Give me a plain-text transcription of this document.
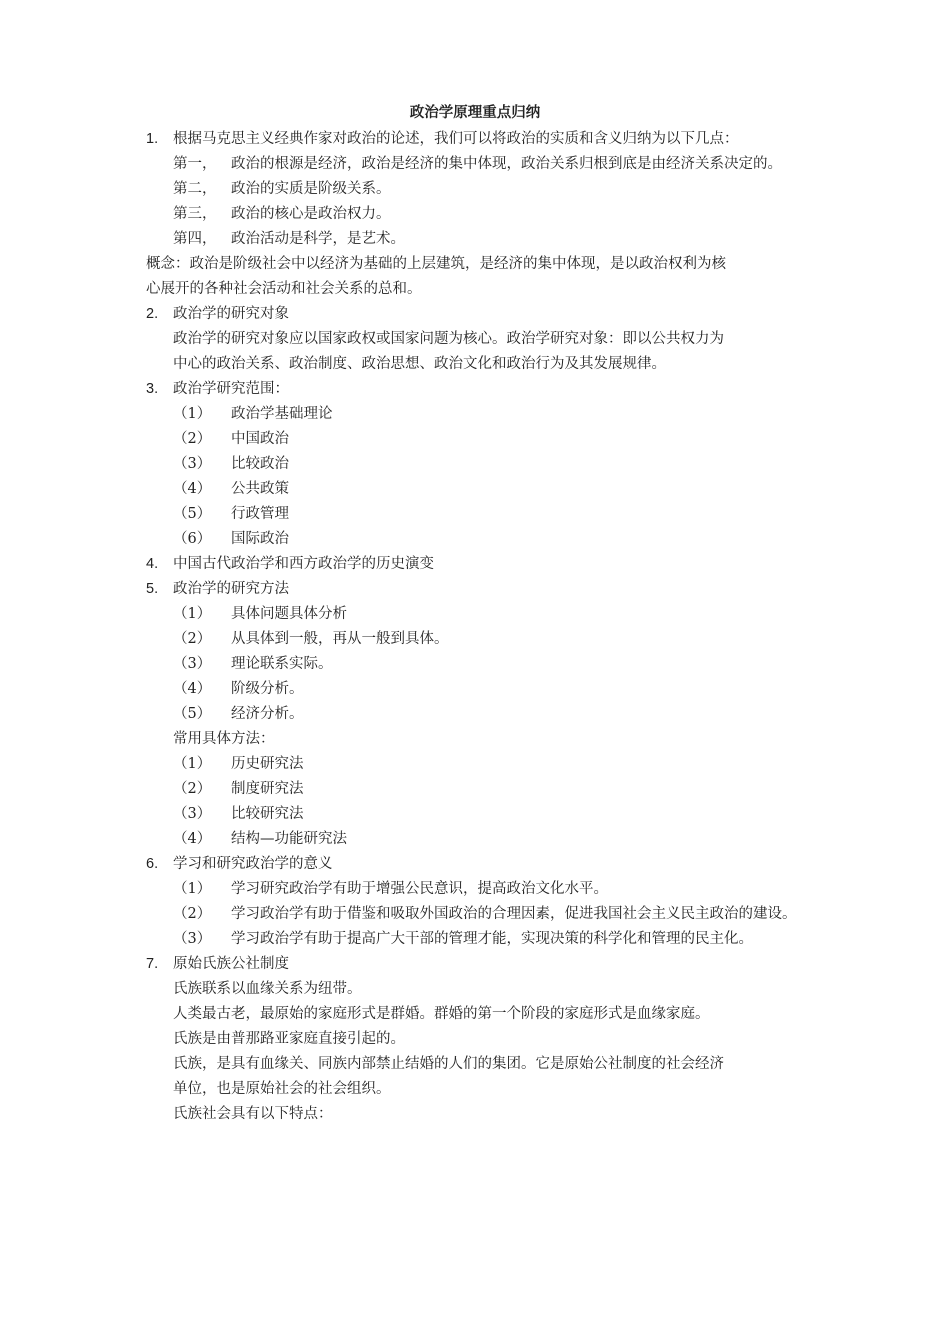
政治学原理重点归纳
1.	根据马克思主义经典作家对政治的论述，我们可以将政治的实质和含义归纳为以下几点：
第一，	政治的根源是经济，政治是经济的集中体现，政治关系归根到底是由经济关系决定的。
第二，	政治的实质是阶级关系。
第三，	政治的核心是政治权力。
第四，	政治活动是科学，是艺术。
概念：政治是阶级社会中以经济为基础的上层建筑，是经济的集中体现，是以政治权利为核
心展开的各种社会活动和社会关系的总和。
2.	政治学的研究对象
政治学的研究对象应以国家政权或国家问题为核心。政治学研究对象：即以公共权力为
中心的政治关系、政治制度、政治思想、政治文化和政治行为及其发展规律。
3.	政治学研究范围：
（1）	政治学基础理论
（2）	中国政治
（3）	比较政治
（4）	公共政策
（5）	行政管理
（6）	国际政治
4.	中国古代政治学和西方政治学的历史演变
5.	政治学的研究方法
（1）	具体问题具体分析
（2）	从具体到一般，再从一般到具体。
（3）	理论联系实际。
（4）	阶级分析。
（5）	经济分析。
常用具体方法：
（1）	历史研究法
（2）	制度研究法
（3）	比较研究法
（4）	结构—功能研究法
6.	学习和研究政治学的意义
（1）	学习研究政治学有助于增强公民意识，提高政治文化水平。
（2）	学习政治学有助于借鉴和吸取外国政治的合理因素，促进我国社会主义民主政治的建设。
（3）	学习政治学有助于提高广大干部的管理才能，实现决策的科学化和管理的民主化。
7.	原始氏族公社制度
氏族联系以血缘关系为纽带。
人类最古老，最原始的家庭形式是群婚。群婚的第一个阶段的家庭形式是血缘家庭。
氏族是由普那路亚家庭直接引起的。
氏族，是具有血缘关、同族内部禁止结婚的人们的集团。它是原始公社制度的社会经济
单位，也是原始社会的社会组织。
氏族社会具有以下特点：
